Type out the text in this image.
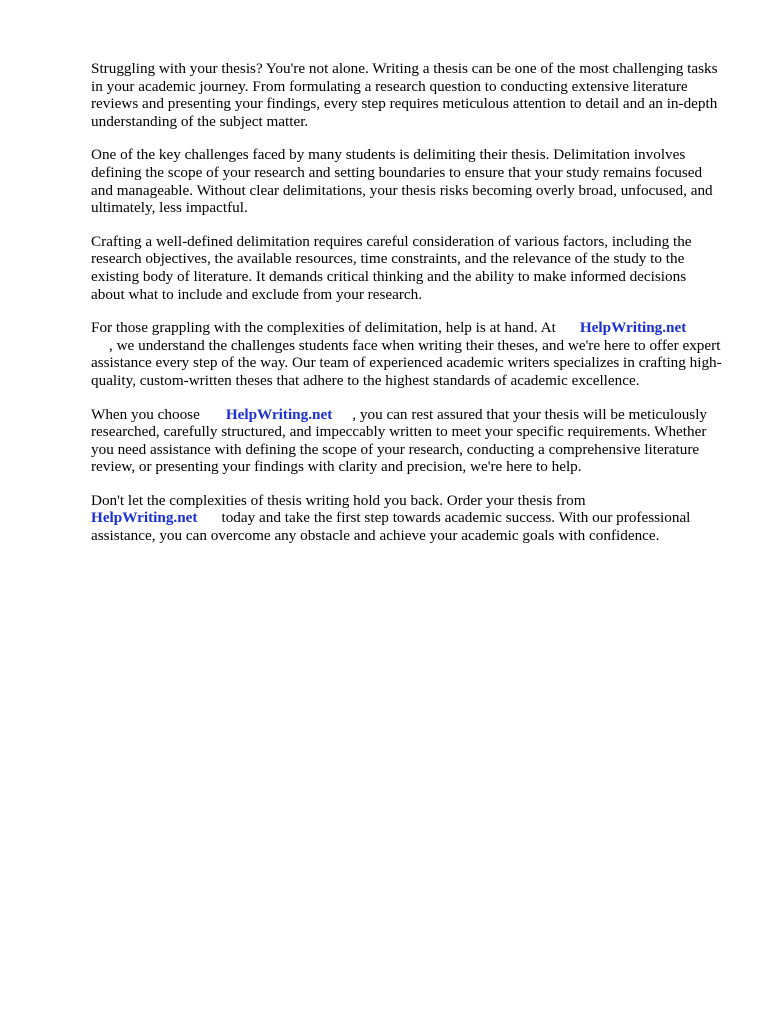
Struggling with your thesis? You're not alone. Writing a thesis can be one of the most challenging tasks in your academic journey. From formulating a research question to conducting extensive literature reviews and presenting your findings, every step requires meticulous attention to detail and an in-depth understanding of the subject matter.

One of the key challenges faced by many students is delimiting their thesis. Delimitation involves defining the scope of your research and setting boundaries to ensure that your study remains focused and manageable. Without clear delimitations, your thesis risks becoming overly broad, unfocused, and ultimately, less impactful.

Crafting a well-defined delimitation requires careful consideration of various factors, including the research objectives, the available resources, time constraints, and the relevance of the study to the existing body of literature. It demands critical thinking and the ability to make informed decisions about what to include and exclude from your research.

For those grappling with the complexities of delimitation, help is at hand. At HelpWriting.net
, we understand the challenges students face when writing their theses, and we're here to offer expert assistance every step of the way. Our team of experienced academic writers specializes in crafting high-quality, custom-written theses that adhere to the highest standards of academic excellence.

When you choose HelpWriting.net , you can rest assured that your thesis will be meticulously researched, carefully structured, and impeccably written to meet your specific requirements. Whether you need assistance with defining the scope of your research, conducting a comprehensive literature review, or presenting your findings with clarity and precision, we're here to help.

Don't let the complexities of thesis writing hold you back. Order your thesis from
HelpWriting.net today and take the first step towards academic success. With our professional assistance, you can overcome any obstacle and achieve your academic goals with confidence.
